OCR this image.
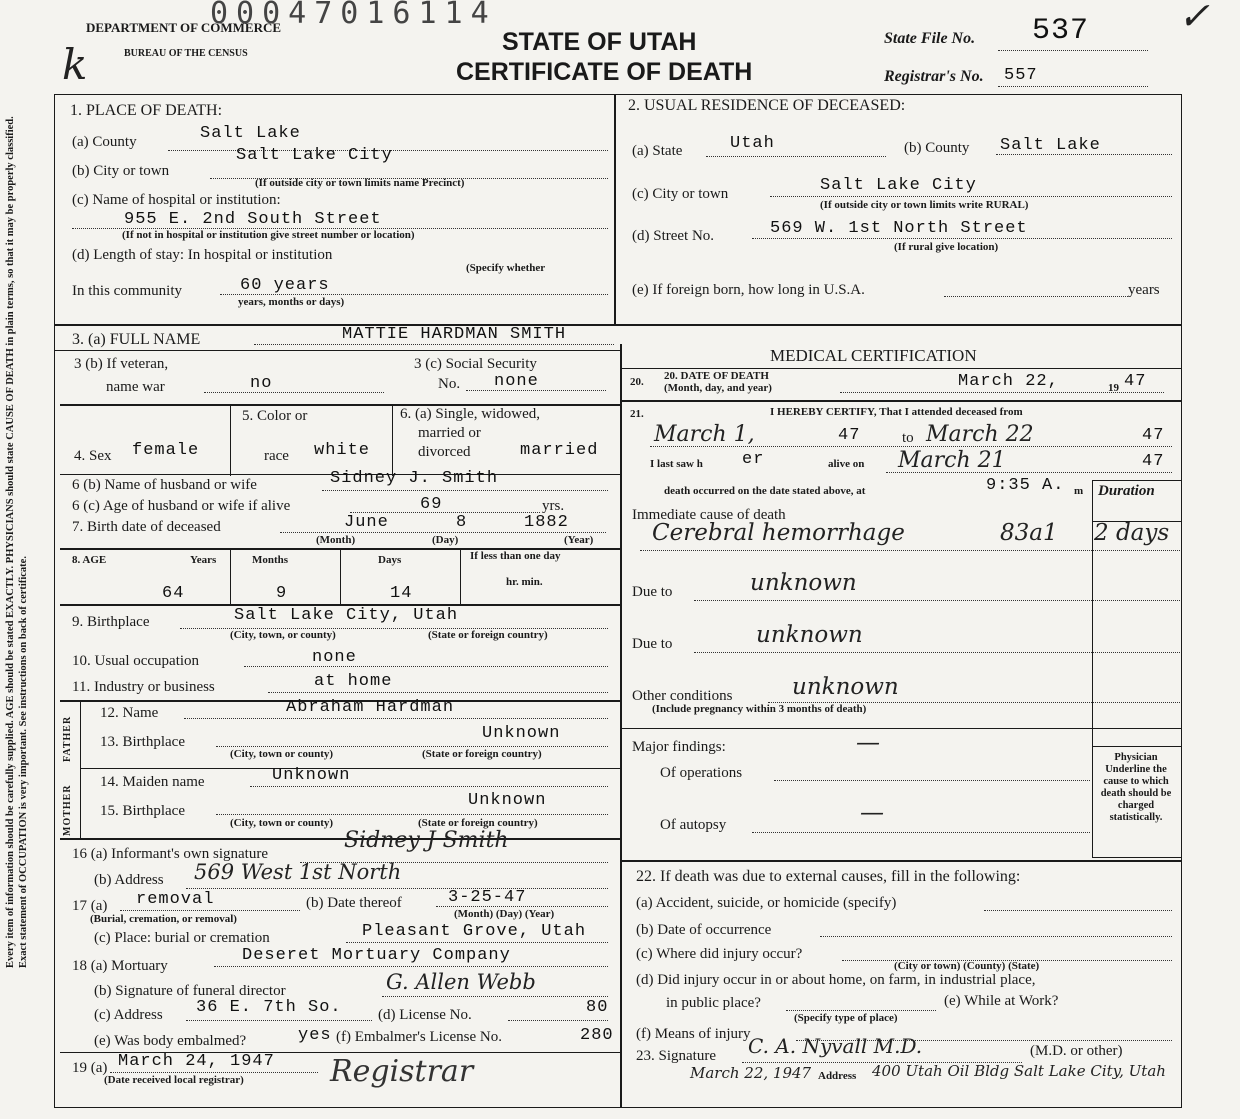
DEPARTMENT OF COMMERCE
BUREAU OF THE CENSUS
00047016114
STATE OF UTAH
CERTIFICATE OF DEATH
State File No. 537
Registrar's No. 557
k
✓
Every item of information should be carefully supplied. AGE should be stated EXACTLY. PHYSICIANS should state CAUSE OF DEATH in plain terms, so that it may be properly classified. Exact statement of OCCUPATION is very important. See instructions on back of certificate.
1. PLACE OF DEATH:
(a) County	Salt Lake
(b) City or town
Salt Lake City
(If outside city or town limits name Precinct)
(c) Name of hospital or institution:
955 E. 2nd South Street
(If not in hospital or institution give street number or location)
(d) Length of stay: In hospital or institution
(Specify whether
In this community	60 years
years, months or days)
2. USUAL RESIDENCE OF DECEASED:
(a) State	Utah	(b) County Salt Lake
(c) City or town	Salt Lake City
(If outside city or town limits write RURAL)
(d) Street No.	569 W. 1st North Street
(If rural give location)
(e) If foreign born, how long in U.S.A.	years
3. (a) FULL NAME	MATTIE HARDMAN SMITH
3 (b) If veteran,
name war	no
3 (c) Social Security
No. none
4. Sex female
5. Color or
race white
6. (a) Single, widowed,
married or
divorced	married
6 (b) Name of husband or wife	Sidney J. Smith
6 (c) Age of husband or wife if alive	69	yrs.
7. Birth date of deceased	June	8	1882
(Month)	(Day)	(Year)
8. AGE	Years	Months	Days	If less than one day
hr. min.
64	9	14
9. Birthplace	Salt Lake City, Utah
(City, town, or county)	(State or foreign country)
10. Usual occupation	none
11. Industry or business	at home
FATHER
MOTHER
12. Name	Abraham Hardman
13. Birthplace	Unknown
(City, town or county)	(State or foreign country)
14. Maiden name	Unknown
15. Birthplace
Unknown
(City, town or county)	(State or foreign country)
16 (a) Informant's own signature
Sidney J Smith
(b) Address 569 West 1st North
17 (a) removal
(Burial, cremation, or removal)
(b) Date thereof	3-25-47
(Month) (Day) (Year)
(c) Place: burial or cremation	Pleasant Grove, Utah
18 (a) Mortuary
Deseret Mortuary Company
(b) Signature of funeral director	G. Allen Webb
(c) Address 36 E. 7th So. (d) License No.	80
(e) Was body embalmed?	yes (f) Embalmer's License No.	280
19 (a) March 24, 1947
(Date received local registrar)	Registrar
MEDICAL CERTIFICATION
20. 20. DATE OF DEATH
(Month, day, and year)	March 22,	19 47
21.	I HEREBY CERTIFY, That I attended deceased from
March 1,	47	to March 22	47
I last saw h er	alive on March 21	47
death occurred on the date stated above, at	9:35 A. m Duration
Immediate cause of death
Cerebral hemorrhage	83a1 2 days
Due to	unknown
Due to	unknown
Other conditions	unknown
(Include pregnancy within 3 months of death)
Major findings:	—
Of operations
Of autopsy	—
Physician Underline the cause to which death should be charged statistically.
22. If death was due to external causes, fill in the following:
(a) Accident, suicide, or homicide (specify)
(b) Date of occurrence
(c) Where did injury occur?
(City or town) (County) (State)
(d) Did injury occur in or about home, on farm, in industrial place,
in public place?
(Specify type of place)
(e) While at Work?
(f) Means of injury
23. Signature C. A. Nyvall M.D.	(M.D. or other)
March 22, 1947 Address 400 Utah Oil Bldg Salt Lake City, Utah
